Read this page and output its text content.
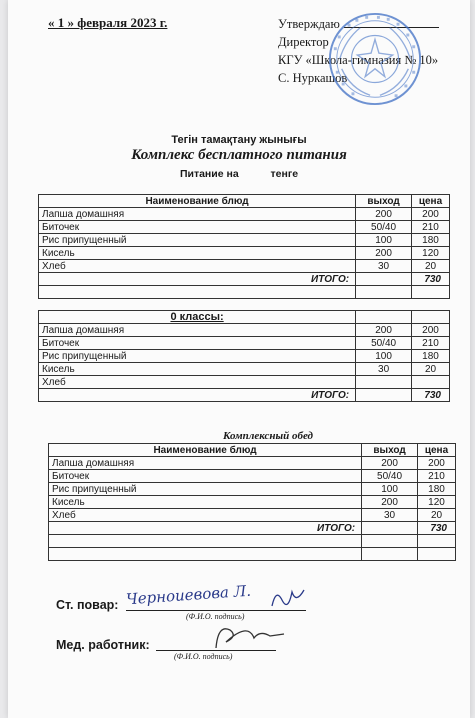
« 1 » февраля 2023 г.	Утверждаю
Директор
КГУ «Школа-гимназия № 10»
С. Нуркашов
Тегін тамақтану жынығы
Комплекс бесплатного питания
Питание на	тенге
Наименование блюд	выход	цена
Лапша домашняя	200	200
Биточек	50/40	210
Рис припущенный	100	180
Кисель	200	120
Хлеб	30	20
ИТОГО:		730

0 классы:		
Лапша домашняя	200	200
Биточек	50/40	210
Рис припущенный	100	180
Кисель	30	20
Хлеб		
ИТОГО:		730
Комплексный обед
Наименование блюд	выход	цена
Лапша домашняя	200	200
Биточек	50/40	210
Рис припущенный	100	180
Кисель	200	120
Хлеб	30	20
ИТОГО:		730

Ст. повар:
(Ф.И.О. подпись)
Черноиевова Л.
Мед. работник:
(Ф.И.О. подпись)
